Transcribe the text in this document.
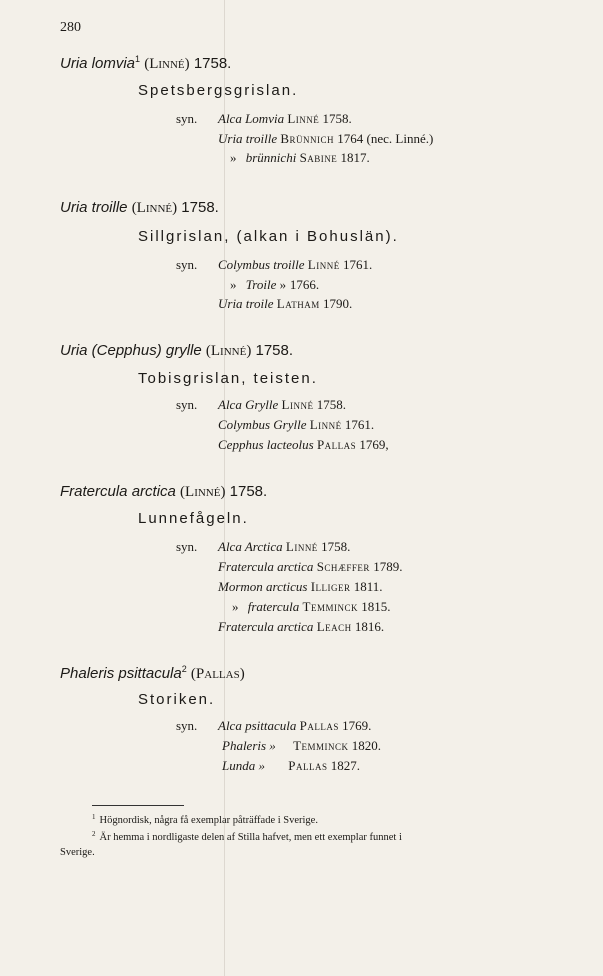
280
Uria lomvia$^1$ (Linné) 1758.
Spetsbergsgrislan.
syn. Alca Lomvia Linné 1758.
Uria troille Brünnich 1764 (nec. Linné.)
» brünnichi Sabine 1817.
Uria troille (Linné) 1758.
Sillgrislan, (alkan i Bohuslän).
syn. Colymbus troille Linné 1761.
» Troile » 1766.
Uria troile Latham 1790.
Uria (Cepphus) grylle (Linné) 1758.
Tobisgrislan, teisten.
syn. Alca Grylle Linné 1758.
Colymbus Grylle Linné 1761.
Cepphus lacteolus Pallas 1769,
Fratercula arctica (Linné) 1758.
Lunnefågeln.
syn. Alca Arctica Linné 1758.
Fratercula arctica Schæffer 1789.
Mormon arcticus Illiger 1811.
» fratercula Temminck 1815.
Fratercula arctica Leach 1816.
Phaleris psittacula$^2$ (Pallas)
Storiken.
syn. Alca psittacula Pallas 1769.
Phaleris » Temminck 1820.
Lunda » Pallas 1827.
$^1$ Högnordisk, några få exemplar påträffade i Sverige.
$^2$ Är hemma i nordligaste delen af Stilla hafvet, men ett exemplar funnet i
Sverige.
